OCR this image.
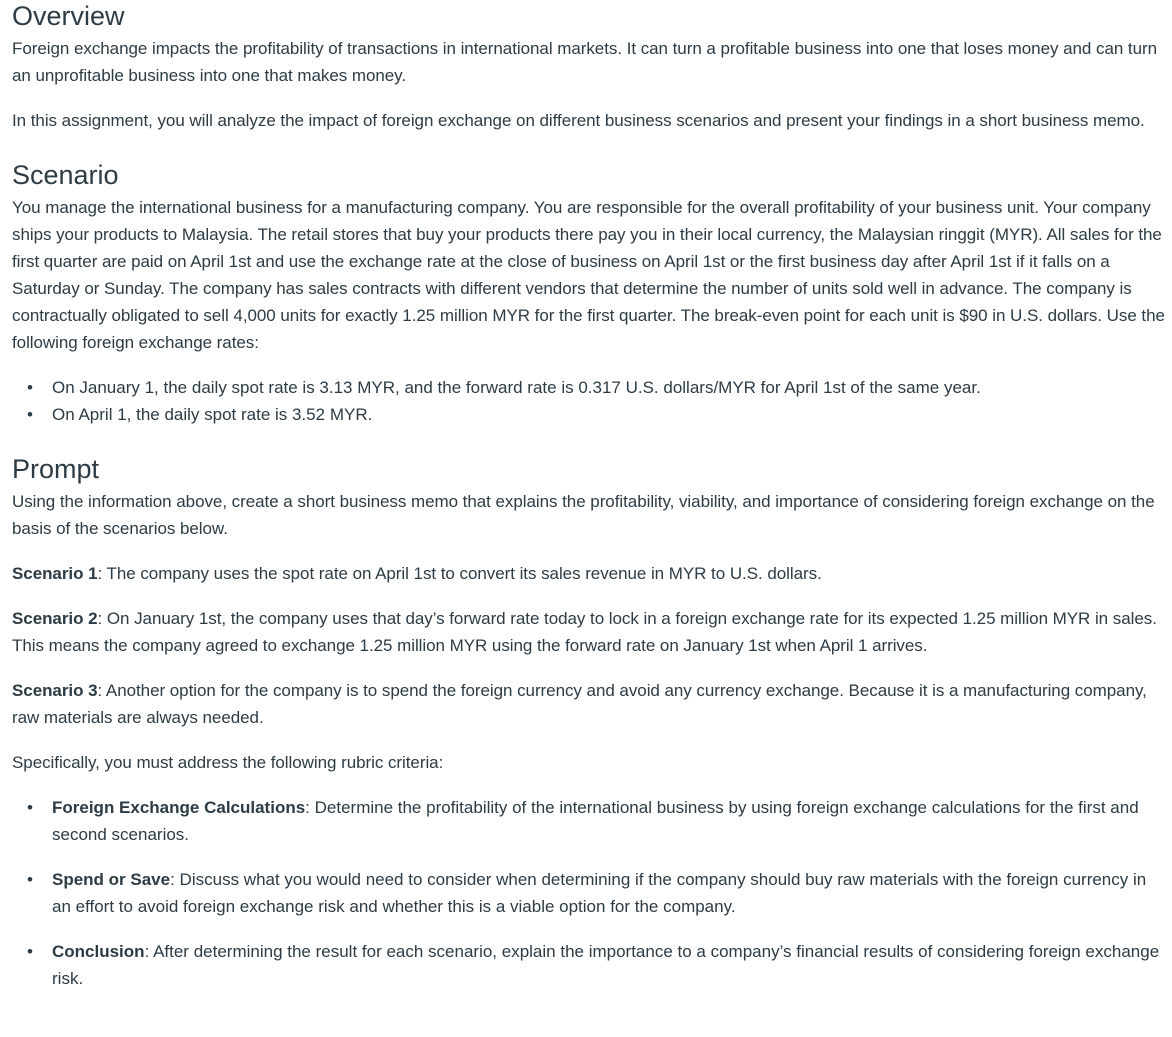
Overview

Foreign exchange impacts the profitability of transactions in international markets. It can turn a profitable business into one that loses money and can turn an unprofitable business into one that makes money.

In this assignment, you will analyze the impact of foreign exchange on different business scenarios and present your findings in a short business memo.

Scenario

You manage the international business for a manufacturing company. You are responsible for the overall profitability of your business unit. Your company ships your products to Malaysia. The retail stores that buy your products there pay you in their local currency, the Malaysian ringgit (MYR). All sales for the first quarter are paid on April 1st and use the exchange rate at the close of business on April 1st or the first business day after April 1st if it falls on a Saturday or Sunday. The company has sales contracts with different vendors that determine the number of units sold well in advance. The company is contractually obligated to sell 4,000 units for exactly 1.25 million MYR for the first quarter. The break-even point for each unit is $90 in U.S. dollars. Use the following foreign exchange rates:

• On January 1, the daily spot rate is 3.13 MYR, and the forward rate is 0.317 U.S. dollars/MYR for April 1st of the same year.
• On April 1, the daily spot rate is 3.52 MYR.
Prompt

Using the information above, create a short business memo that explains the profitability, viability, and importance of considering foreign exchange on the basis of the scenarios below.

Scenario 1: The company uses the spot rate on April 1st to convert its sales revenue in MYR to U.S. dollars.

Scenario 2: On January 1st, the company uses that day’s forward rate today to lock in a foreign exchange rate for its expected 1.25 million MYR in sales. This means the company agreed to exchange 1.25 million MYR using the forward rate on January 1st when April 1 arrives.

Scenario 3: Another option for the company is to spend the foreign currency and avoid any currency exchange. Because it is a manufacturing company, raw materials are always needed.

Specifically, you must address the following rubric criteria:

• Foreign Exchange Calculations: Determine the profitability of the international business by using foreign exchange calculations for the first and second scenarios.
• Spend or Save: Discuss what you would need to consider when determining if the company should buy raw materials with the foreign currency in an effort to avoid foreign exchange risk and whether this is a viable option for the company.
• Conclusion: After determining the result for each scenario, explain the importance to a company’s financial results of considering foreign exchange risk.
